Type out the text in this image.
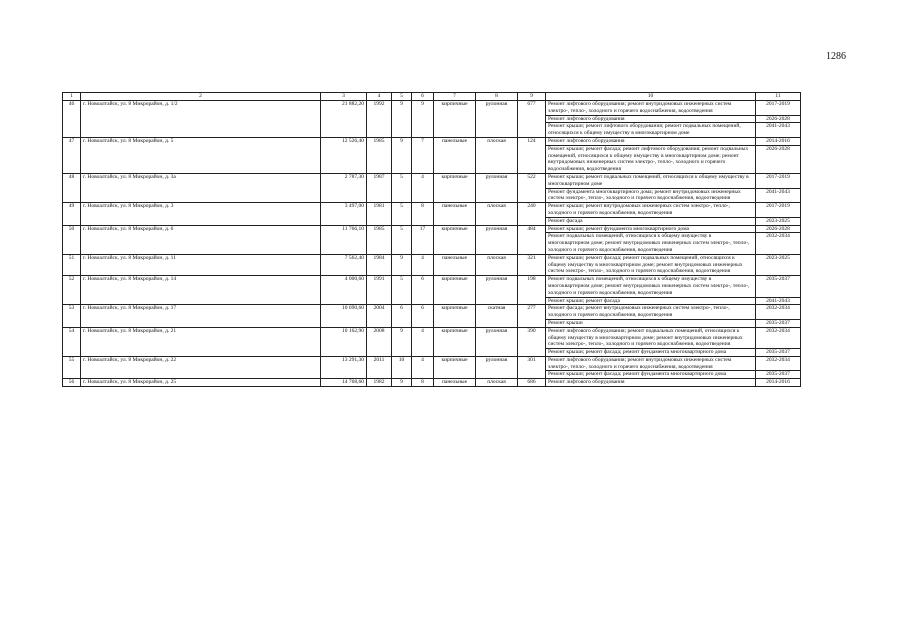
1286
1	2	3	4	5	6	7	8	9	10	11
46	г. Новоалтайск, ул. 8 Микрорайон, д. 1/2	21 882,20	1992	9	9	кирпичные	рулонная	677	Ремонт лифтового оборудования; ремонт внутридомовых инженерных систем электро-, тепло-, холодного и горячего водоснабжения, водоотведения	2017-2019
									Ремонт лифтового оборудования	2026-2028
									Ремонт крыши; ремонт лифтового оборудования; ремонт подвальных помещений, относящихся к общему имуществу в многоквартирном доме	2041-2043
47	г. Новоалтайск, ул. 8 Микрорайон, д. 5	12 526,40	1985	9	7	панельные	плоская	124	Ремонт лифтового оборудования	2014-2016
									Ремонт крыши; ремонт фасада; ремонт лифтового оборудования; ремонт подвальных помещений, относящихся к общему имуществу в многоквартирном доме; ремонт внутридомовых инженерных систем электро-, тепло-, холодного и горячего водоснабжения, водоотведения	2026-2028
48	г. Новоалтайск, ул. 8 Микрорайон, д. 3а	2 787,30	1987	5	4	кирпичные	рулонная	522	Ремонт крыши; ремонт подвальных помещений, относящихся к общему имуществу в многоквартирном доме	2017-2019
									Ремонт фундамента многоквартирного дома; ремонт внутридомовых инженерных систем электро-, тепло-, холодного и горячего водоснабжения, водоотведения	2041-2043
49	г. Новоалтайск, ул. 8 Микрорайон, д. 3	3 497,00	1981	5	8	панельные	плоская	240	Ремонт крыши; ремонт внутридомовых инженерных систем электро-, тепло-, холодного и горячего водоснабжения, водоотведения	2017-2019
									Ремонт фасада	2023-2025
50	г. Новоалтайск, ул. 8 Микрорайон, д. 6	11 766,10	1985	5	17	кирпичные	рулонная	484	Ремонт крыши; ремонт фундамента многоквартирного дома	2026-2028
									Ремонт подвальных помещений, относящихся к общему имуществу в многоквартирном доме; ремонт внутридомовых инженерных систем электро-, тепло-, холодного и горячего водоснабжения, водоотведения	2032-2034
51	г. Новоалтайск, ул. 8 Микрорайон, д. 11	7 562,40	1984	9	4	панельные	плоская	321	Ремонт крыши; ремонт фасада; ремонт подвальных помещений, относящихся к общему имуществу в многоквартирном доме; ремонт внутридомовых инженерных систем электро-, тепло-, холодного и горячего водоснабжения, водоотведения	2023-2025
52	г. Новоалтайск, ул. 8 Микрорайон, д. 14	4 000,60	1991	5	6	кирпичные	рулонная	198	Ремонт подвальных помещений, относящихся к общему имуществу в многоквартирном доме; ремонт внутридомовых инженерных систем электро-, тепло-, холодного и горячего водоснабжения, водоотведения	2035-2037
									Ремонт крыши; ремонт фасада	2041-2043
53	г. Новоалтайск, ул. 8 Микрорайон, д. 17	10 690,60	2004	6	6	кирпичные	скатная	277	Ремонт фасада; ремонт внутридомовых инженерных систем электро-, тепло-, холодного и горячего водоснабжения, водоотведения	2032-2034
									Ремонт крыши	2035-2037
54	г. Новоалтайск, ул. 8 Микрорайон, д. 21	10 162,90	2008	9	4	кирпичные	рулонная	390	Ремонт лифтового оборудования; ремонт подвальных помещений, относящихся к общему имуществу в многоквартирном доме; ремонт внутридомовых инженерных систем электро-, тепло-, холодного и горячего водоснабжения, водоотведения	2032-2034
									Ремонт крыши; ремонт фасада; ремонт фундамента многоквартирного дома	2035-2037
55	г. Новоалтайск, ул. 8 Микрорайон, д. 22	13 291,30	2011	10	4	кирпичные	рулонная	301	Ремонт лифтового оборудования; ремонт внутридомовых инженерных систем электро-, тепло-, холодного и горячего водоснабжения, водоотведения	2032-2034
									Ремонт крыши; ремонт фасада; ремонт фундамента многоквартирного дома	2035-2037
56	г. Новоалтайск, ул. 8 Микрорайон, д. 25	14 768,60	1982	9	8	панельные	плоская	686	Ремонт лифтового оборудования	2014-2016
